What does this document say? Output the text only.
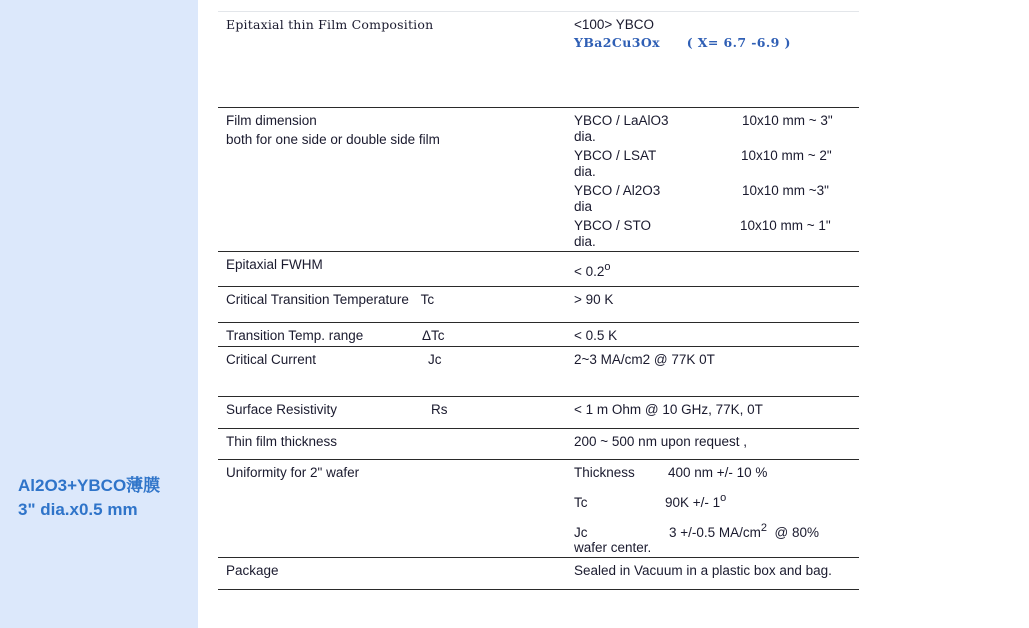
Al2O3+YBCO薄膜
3" dia.x0.5 mm
Epitaxial thin Film Composition	<100> YBCO
YBa2Cu3Ox ( X= 6.7 -6.9 )
Film dimension
both for one side or double side film
YBCO / LaAlO3	10x10 mm ~ 3"
dia.
YBCO / LSAT	10x10 mm ~ 2"
dia.
YBCO / Al2O3	10x10 mm ~3"
dia
YBCO / STO	10x10 mm ~ 1"
dia.
Epitaxial FWHM	< $0.2^o$
Critical Transition Temperature Tc	> 90 K
Transition Temp. range	ΔTc	< 0.5 K
Critical Current	Jc	2~3 MA/cm2 @ 77K 0T
Surface Resistivity	Rs	< 1 m Ohm @ 10 GHz, 77K, 0T
Thin film thickness	200 ~ 500 nm upon request ,
Uniformity for 2" wafer	Thickness 400 nm +/- 10 %
Tc	90K +/- 1$^o$
Jc	3 +/-0.5 $MA/cm^2$  @ 80%
wafer center.
Package	Sealed in Vacuum in a plastic box and bag.
